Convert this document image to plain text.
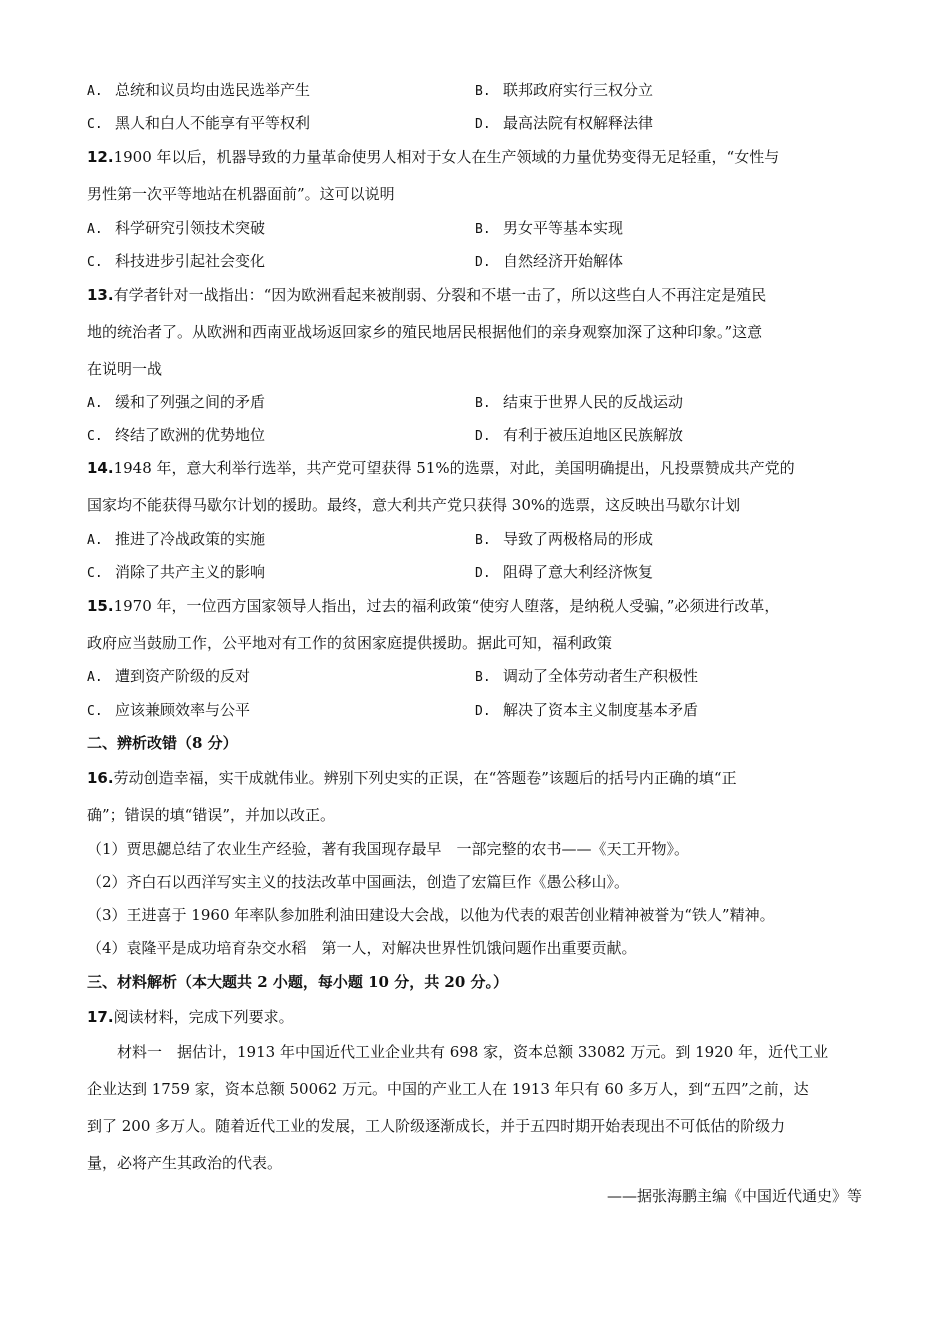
A. 总统和议员均由选民选举产生	B. 联邦政府实行三权分立
C. 黑人和白人不能享有平等权利	D. 最高法院有权解释法律
12.1900 年以后，机器导致的力量革命使男人相对于女人在生产领域的力量优势变得无足轻重，“女性与
男性第一次平等地站在机器面前”。这可以说明
A. 科学研究引领技术突破	B. 男女平等基本实现
C. 科技进步引起社会变化	D. 自然经济开始解体
13.有学者针对一战指出：“因为欧洲看起来被削弱、分裂和不堪一击了，所以这些白人不再注定是殖民
地的统治者了。从欧洲和西南亚战场返回家乡的殖民地居民根据他们的亲身观察加深了这种印象。”这意
在说明一战
A. 缓和了列强之间的矛盾	B. 结束于世界人民的反战运动
C. 终结了欧洲的优势地位	D. 有利于被压迫地区民族解放
14.1948 年，意大利举行选举，共产党可望获得 51%的选票，对此，美国明确提出，凡投票赞成共产党的
国家均不能获得马歇尔计划的援助。最终，意大利共产党只获得 30%的选票，这反映出马歇尔计划
A. 推进了冷战政策的实施	B. 导致了两极格局的形成
C. 消除了共产主义的影响	D. 阻碍了意大利经济恢复
15.1970 年，一位西方国家领导人指出，过去的福利政策“使穷人堕落，是纳税人受骗，”必须进行改革，
政府应当鼓励工作，公平地对有工作的贫困家庭提供援助。据此可知，福利政策
A. 遭到资产阶级的反对	B. 调动了全体劳动者生产积极性
C. 应该兼顾效率与公平	D. 解决了资本主义制度基本矛盾
二、辨析改错（8 分）
16.劳动创造幸福，实干成就伟业。辨别下列史实的正误，在“答题卷”该题后的括号内正确的填“正
确”；错误的填“错误”，并加以改正。
（1）贾思勰总结了农业生产经验，著有我国现存最早　一部完整的农书——《天工开物》。
（2）齐白石以西洋写实主义的技法改革中国画法，创造了宏篇巨作《愚公移山》。
（3）王进喜于 1960 年率队参加胜利油田建设大会战，以他为代表的艰苦创业精神被誉为“铁人”精神。
（4）袁隆平是成功培育杂交水稻　第一人，对解决世界性饥饿问题作出重要贡献。
三、材料解析（本大题共 2 小题，每小题 10 分，共 20 分。）
17.阅读材料，完成下列要求。
　　材料一　据估计，1913 年中国近代工业企业共有 698 家，资本总额 33082 万元。到 1920 年，近代工业
企业达到 1759 家，资本总额 50062 万元。中国的产业工人在 1913 年只有 60 多万人，到“五四”之前，达
到了 200 多万人。随着近代工业的发展，工人阶级逐渐成长，并于五四时期开始表现出不可低估的阶级力
量，必将产生其政治的代表。
——据张海鹏主编《中国近代通史》等
